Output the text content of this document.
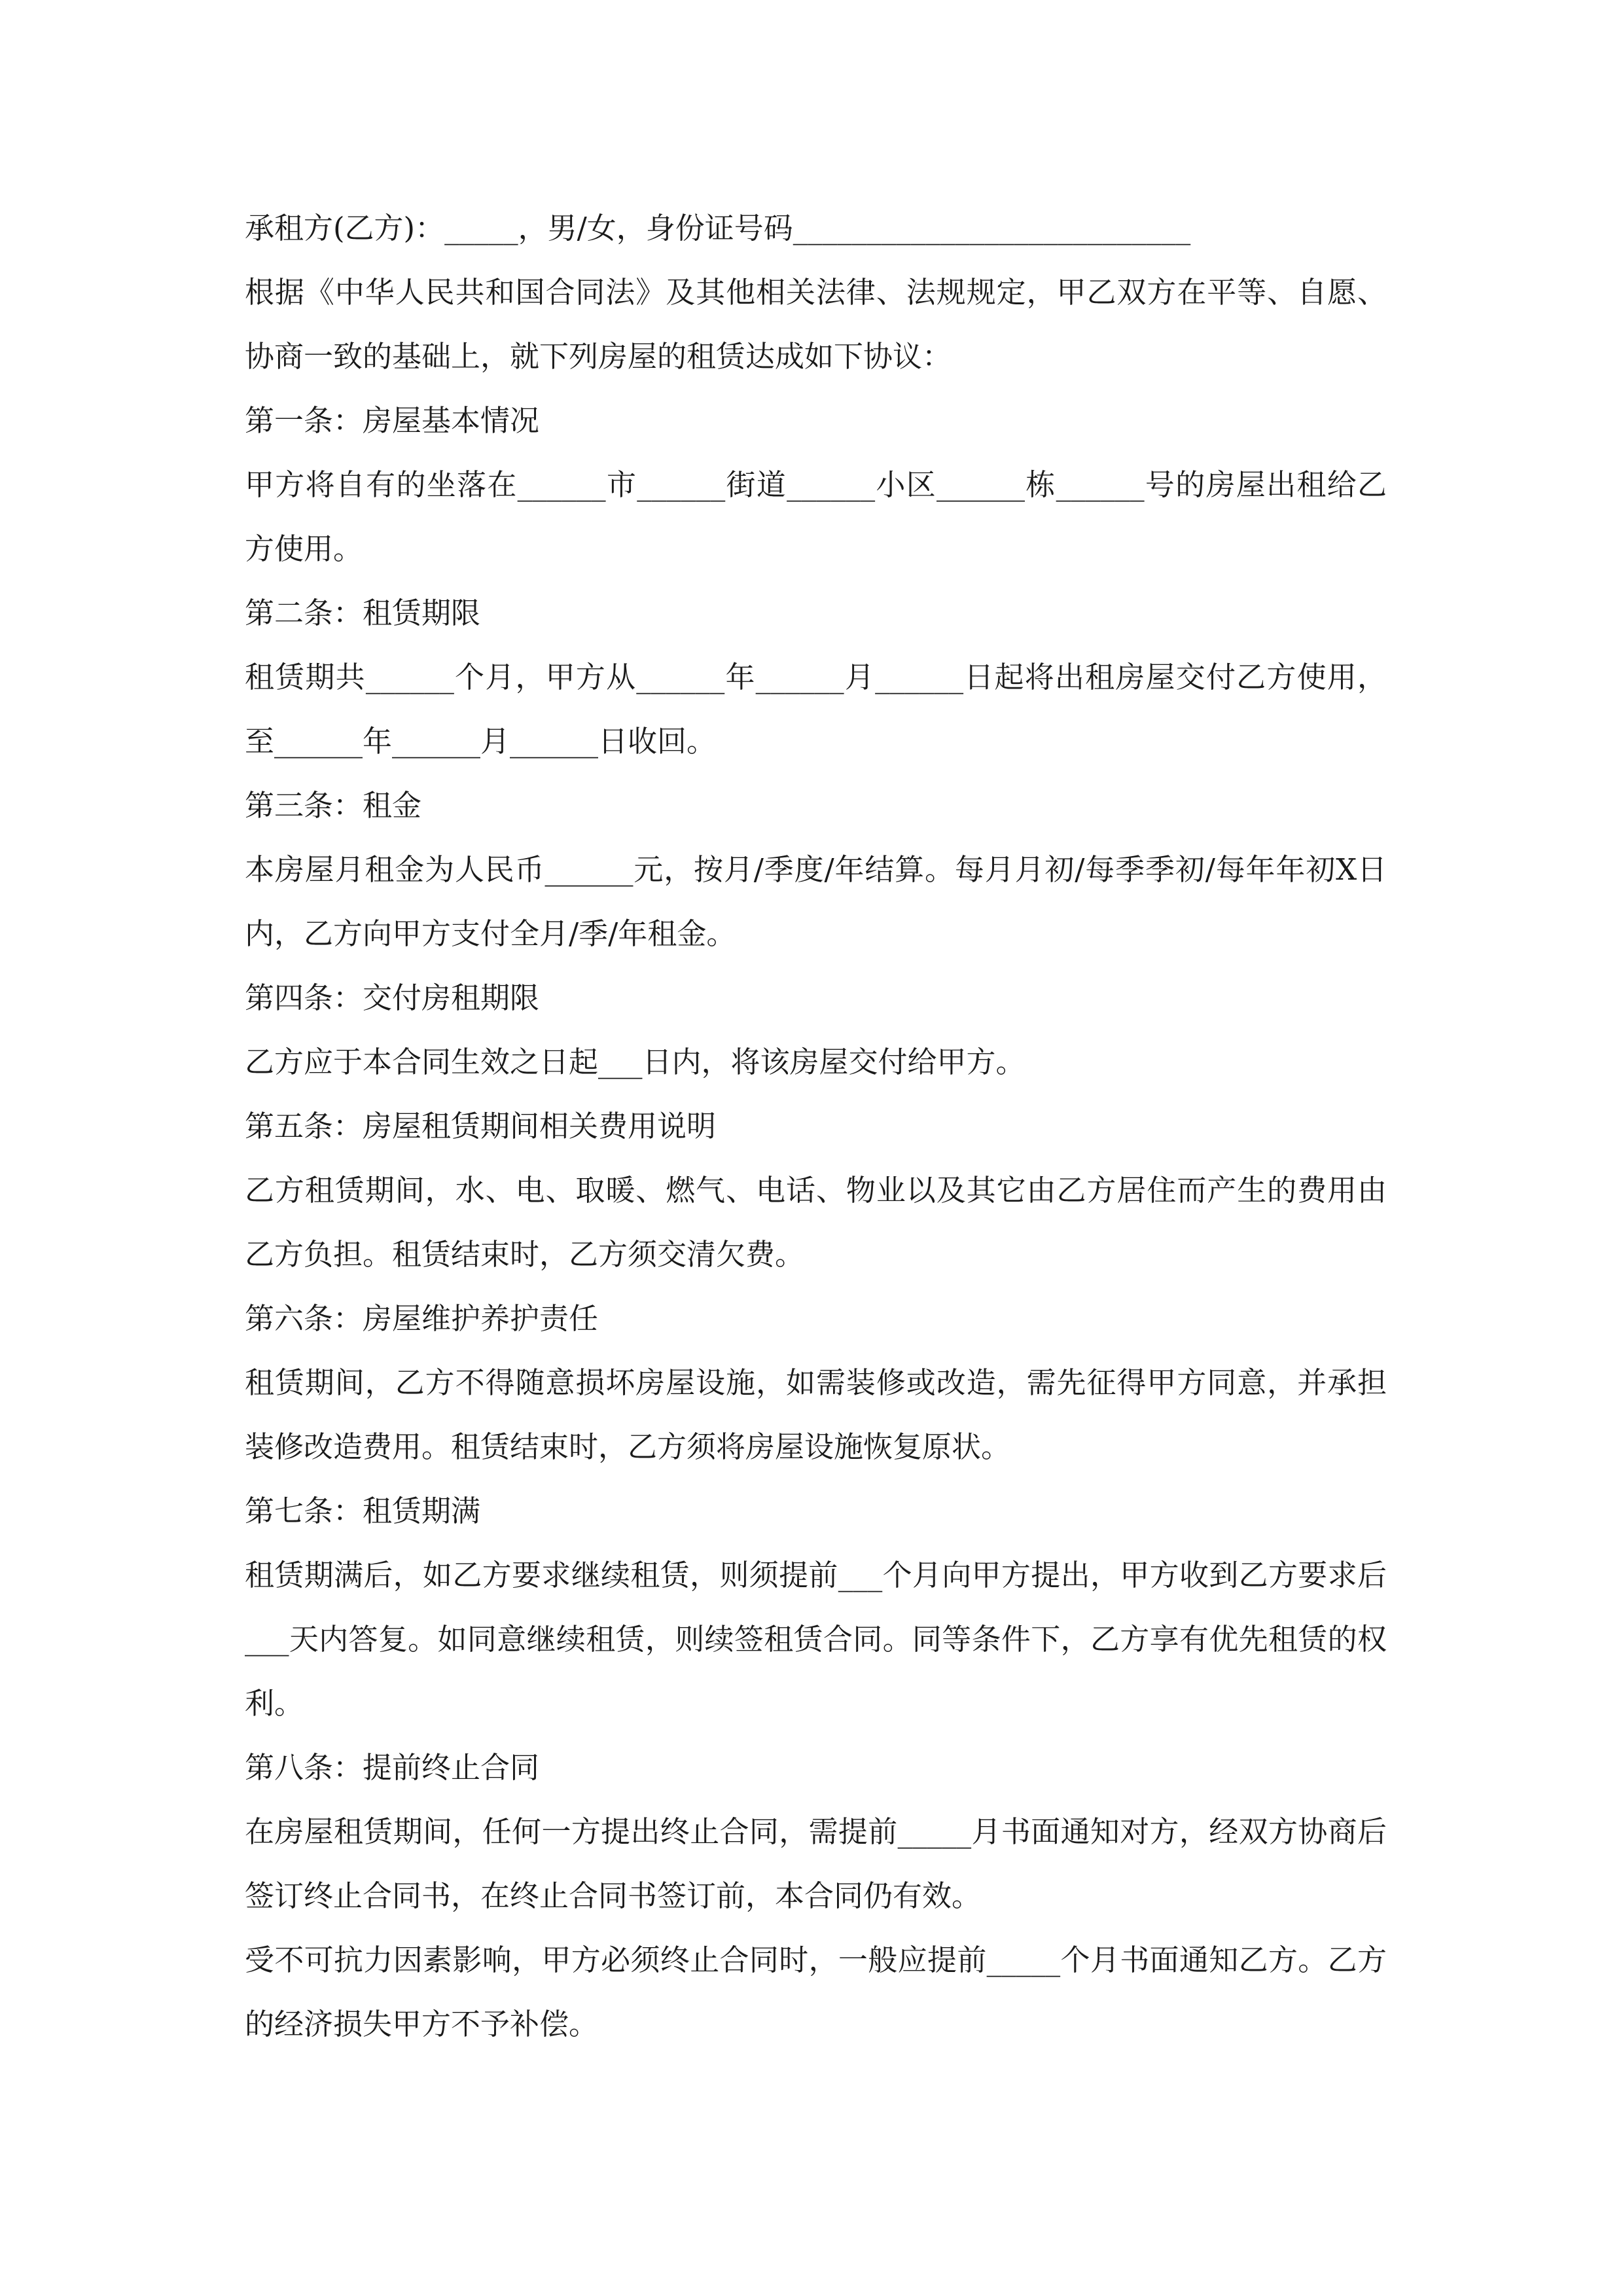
承租方(乙方)：_____，男/女，身份证号码___________________________

根据《中华人民共和国合同法》及其他相关法律、法规规定，甲乙双方在平等、自愿、协商一致的基础上，就下列房屋的租赁达成如下协议：

第一条：房屋基本情况

甲方将自有的坐落在______市______街道______小区______栋______号的房屋出租给乙方使用。

第二条：租赁期限

租赁期共______个月，甲方从______年______月______日起将出租房屋交付乙方使用，至______年______月______日收回。

第三条：租金

本房屋月租金为人民币______元，按月/季度/年结算。每月月初/每季季初/每年年初X日内，乙方向甲方支付全月/季/年租金。

第四条：交付房租期限

乙方应于本合同生效之日起___日内，将该房屋交付给甲方。

第五条：房屋租赁期间相关费用说明

乙方租赁期间，水、电、取暖、燃气、电话、物业以及其它由乙方居住而产生的费用由乙方负担。租赁结束时，乙方须交清欠费。

第六条：房屋维护养护责任

租赁期间，乙方不得随意损坏房屋设施，如需装修或改造，需先征得甲方同意，并承担装修改造费用。租赁结束时，乙方须将房屋设施恢复原状。

第七条：租赁期满

租赁期满后，如乙方要求继续租赁，则须提前___个月向甲方提出，甲方收到乙方要求后___天内答复。如同意继续租赁，则续签租赁合同。同等条件下，乙方享有优先租赁的权利。

第八条：提前终止合同

在房屋租赁期间，任何一方提出终止合同，需提前_____月书面通知对方，经双方协商后签订终止合同书，在终止合同书签订前，本合同仍有效。

受不可抗力因素影响，甲方必须终止合同时，一般应提前_____个月书面通知乙方。乙方的经济损失甲方不予补偿。
